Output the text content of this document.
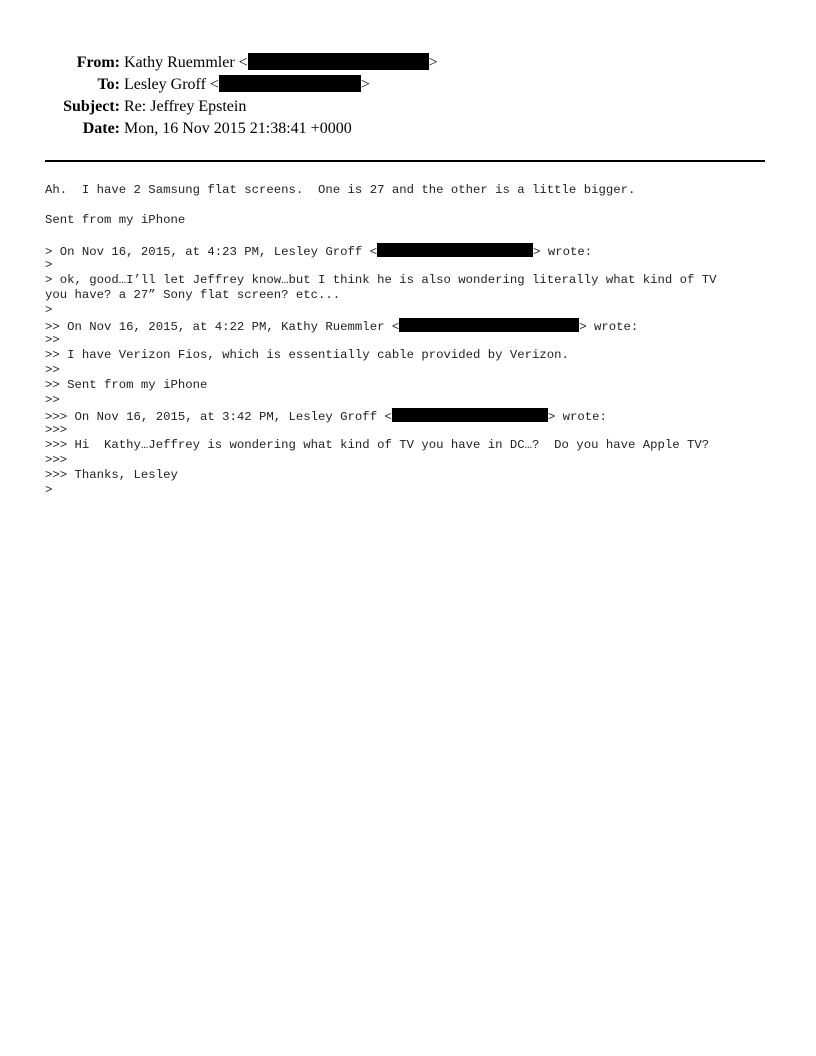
From: Kathy Ruemmler <	>
To: Lesley Groff <	>
Subject: Re: Jeffrey Epstein
Date: Mon, 16 Nov 2015 21:38:41 +0000
Ah.  I have 2 Samsung flat screens.  One is 27 and the other is a little bigger.
Sent from my iPhone
> On Nov 16, 2015, at 4:23 PM, Lesley Groff <	> wrote:
>
> ok, good…I’ll let Jeffrey know…but I think he is also wondering literally what kind of TV
you have? a 27” Sony flat screen? etc...
>
>> On Nov 16, 2015, at 4:22 PM, Kathy Ruemmler <	> wrote:
>>
>> I have Verizon Fios, which is essentially cable provided by Verizon.
>>
>> Sent from my iPhone
>>
>>> On Nov 16, 2015, at 3:42 PM, Lesley Groff <	> wrote:
>>>
>>> Hi  Kathy…Jeffrey is wondering what kind of TV you have in DC…?  Do you have Apple TV?
>>>
>>> Thanks, Lesley
>
